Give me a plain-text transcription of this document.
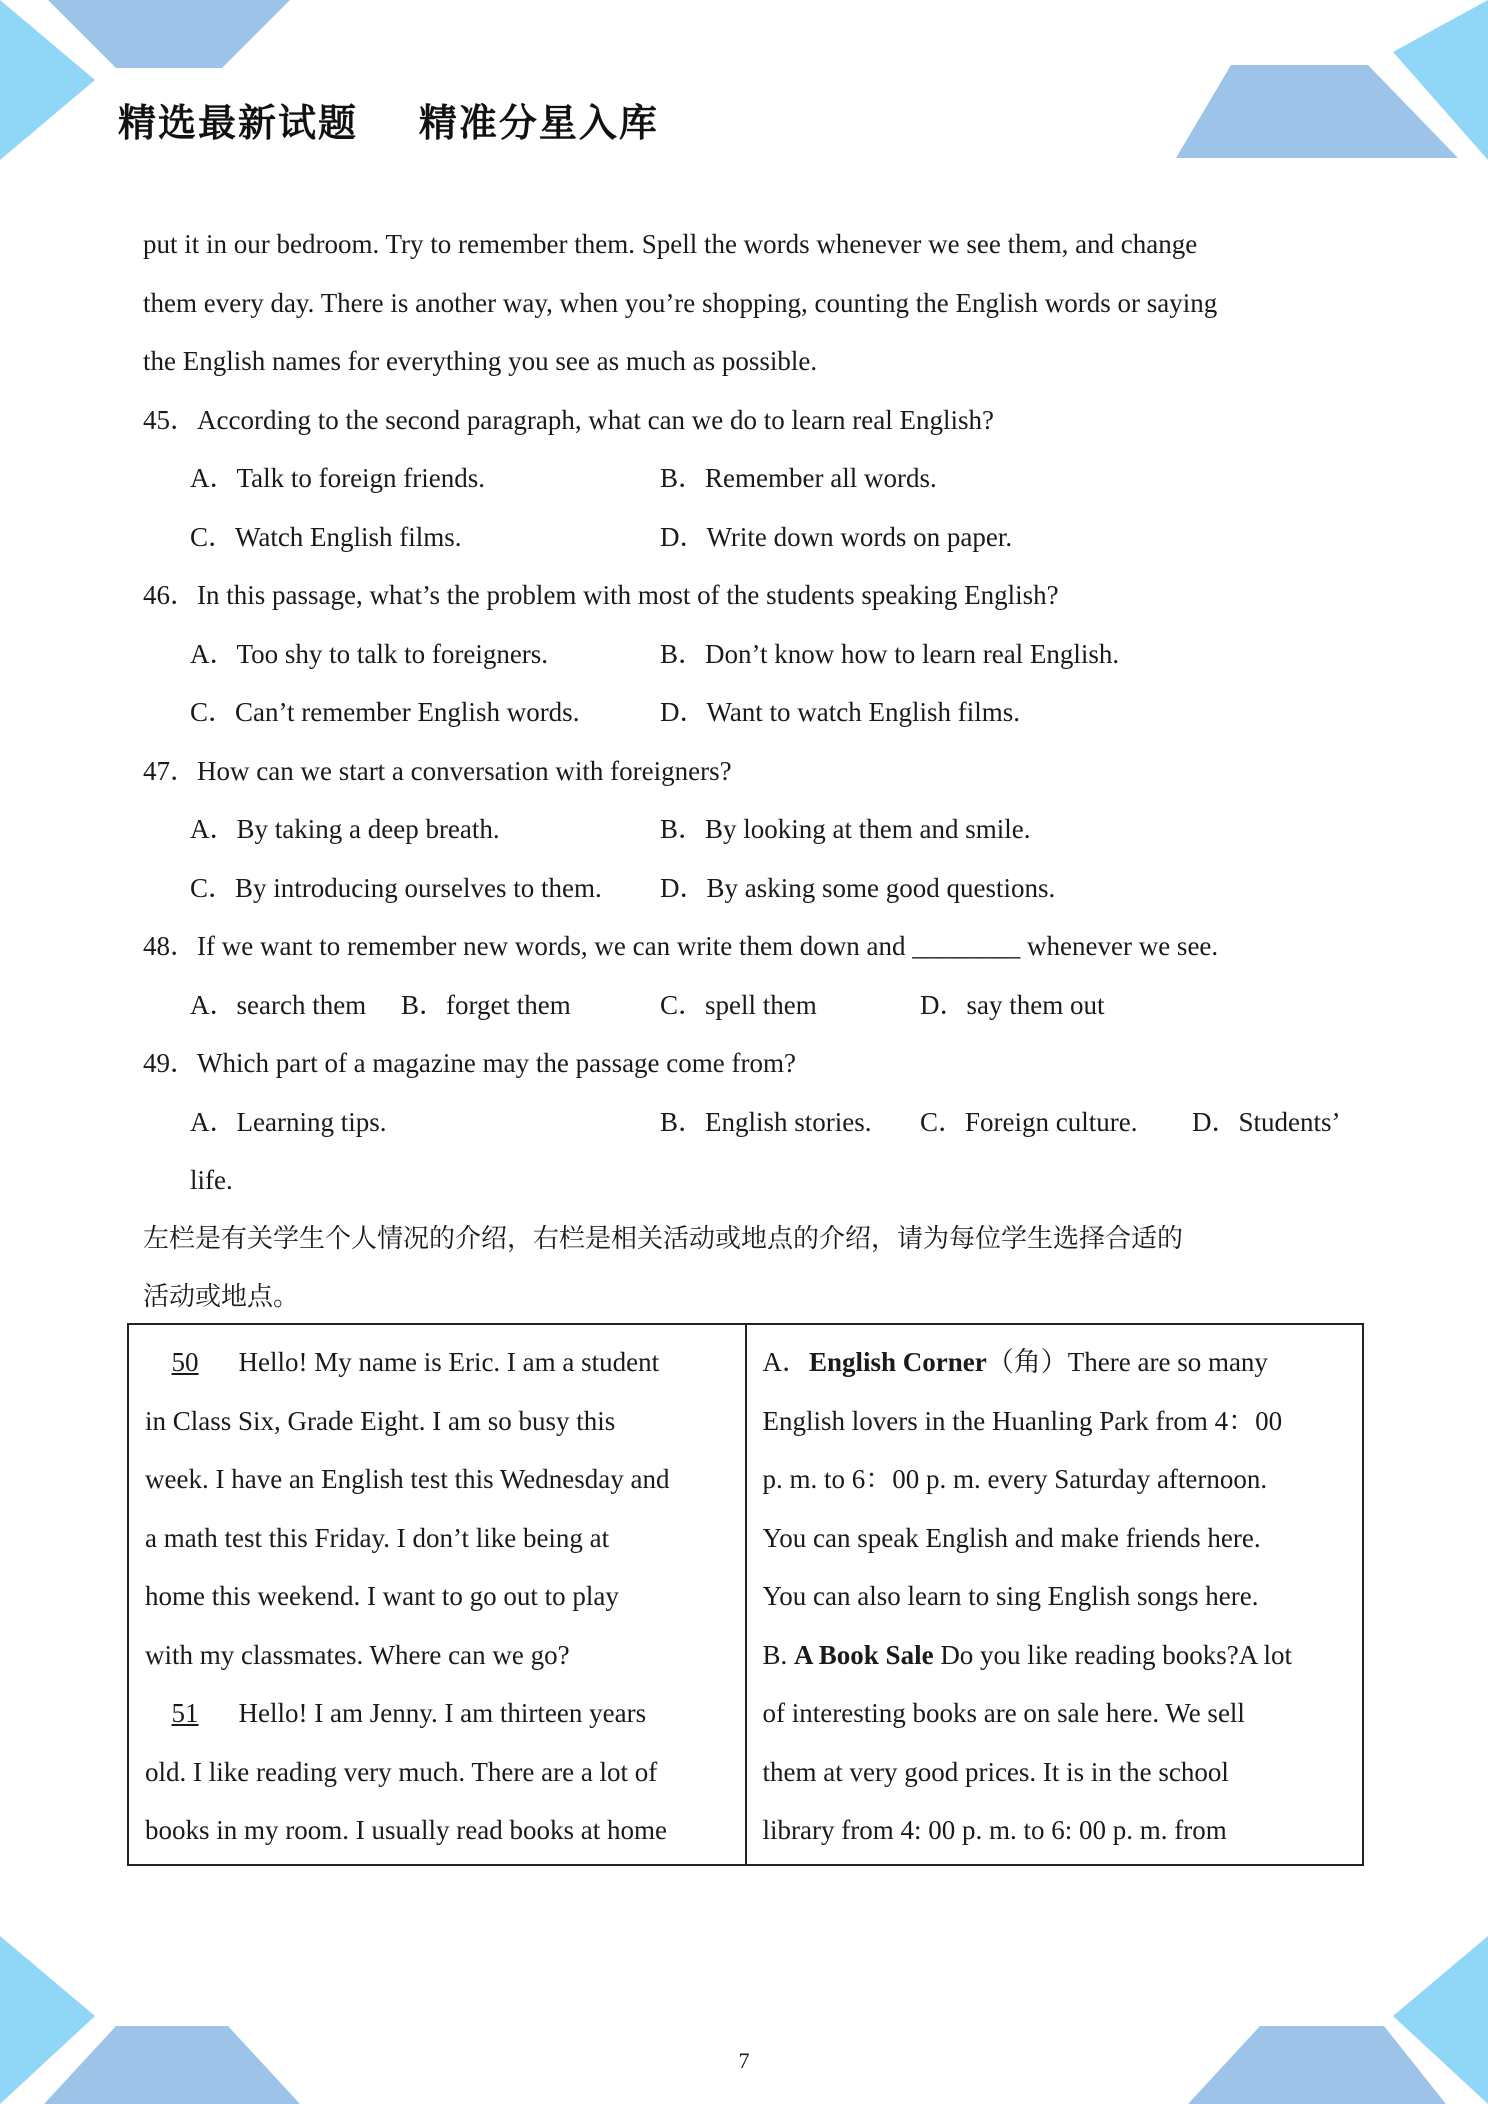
精选最新试题    精准分星入库

put it in our bedroom. Try to remember them. Spell the words whenever we see them, and change

them every day. There is another way, when you’re shopping, counting the English words or saying

the English names for everything you see as much as possible.

45．According to the second paragraph, what can we do to learn real English?
A．Talk to foreign friends.	B．Remember all words.
C．Watch English films.	D．Write down words on paper.
46．In this passage, what’s the problem with most of the students speaking English?
A．Too shy to talk to foreigners.	B．Don’t know how to learn real English.
C．Can’t remember English words.	D．Want to watch English films.
47．How can we start a conversation with foreigners?
A．By taking a deep breath.	B．By looking at them and smile.
C．By introducing ourselves to them.	D．By asking some good questions.
48．If we want to remember new words, we can write them down and ________ whenever we see.
A．search them	B．forget them	C．spell them	D．say them out
49．Which part of a magazine may the passage come from?
A．Learning tips.	B．English stories.	C．Foreign culture.	D．Students’
life.
左栏是有关学生个人情况的介绍，右栏是相关活动或地点的介绍，请为每位学生选择合适的
活动或地点。
50 Hello! My name is Eric. I am a student
in Class Six, Grade Eight. I am so busy this
week. I have an English test this Wednesday and
a math test this Friday. I don’t like being at
home this weekend. I want to go out to play
with my classmates. Where can we go?
51 Hello! I am Jenny. I am thirteen years
old. I like reading very much. There are a lot of
books in my room. I usually read books at home

A．English Corner（角）There are so many
English lovers in the Huanling Park from 4：00
p. m. to 6：00 p. m. every Saturday afternoon.
You can speak English and make friends here.
You can also learn to sing English songs here.
B. A Book Sale Do you like reading books?A lot
of interesting books are on sale here. We sell
them at very good prices. It is in the school
library from 4: 00 p. m. to 6: 00 p. m. from
7
